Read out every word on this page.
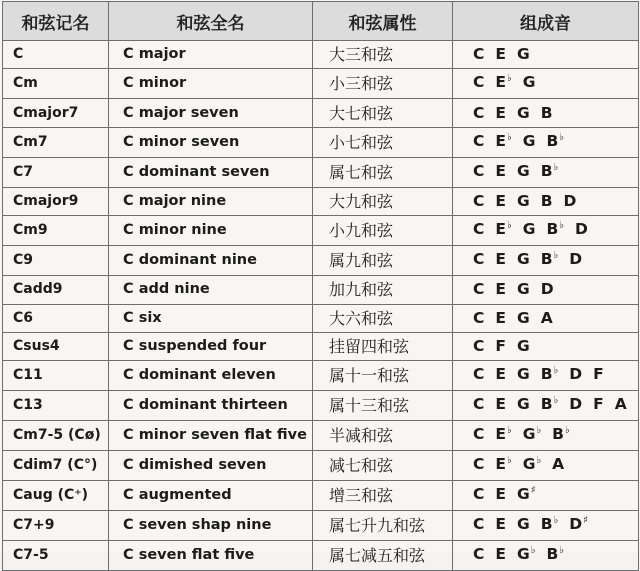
和弦记名	和弦全名	和弦属性	组成音
C	C major	大三和弦	C E G
Cm	C minor	小三和弦	C E♭ G
Cmajor7	C major seven	大七和弦	C E G B
Cm7	C minor seven	小七和弦	C E♭ G B♭
C7	C dominant seven	属七和弦	C E G B♭
Cmajor9	C major nine	大九和弦	C E G B D
Cm9	C minor nine	小九和弦	C E♭ G B♭ D
C9	C dominant nine	属九和弦	C E G B♭ D
Cadd9	C add nine	加九和弦	C E G D
C6	C six	大六和弦	C E G A
Csus4	C suspended four	挂留四和弦	C F G
C11	C dominant eleven	属十一和弦	C E G B♭ D F
C13	C dominant thirteen	属十三和弦	C E G B♭ D F A
Cm7-5 (Cø)	C minor seven flat five	半减和弦	C E♭ G♭ B♭
Cdim7 (C°)	C dimished seven	减七和弦	C E♭ G♭ A
Caug (C⁺)	C augmented	增三和弦	C E G♯
C7+9	C seven shap nine	属七升九和弦	C E G B♭ D♯
C7-5	C seven flat five	属七减五和弦	C E G♭ B♭
